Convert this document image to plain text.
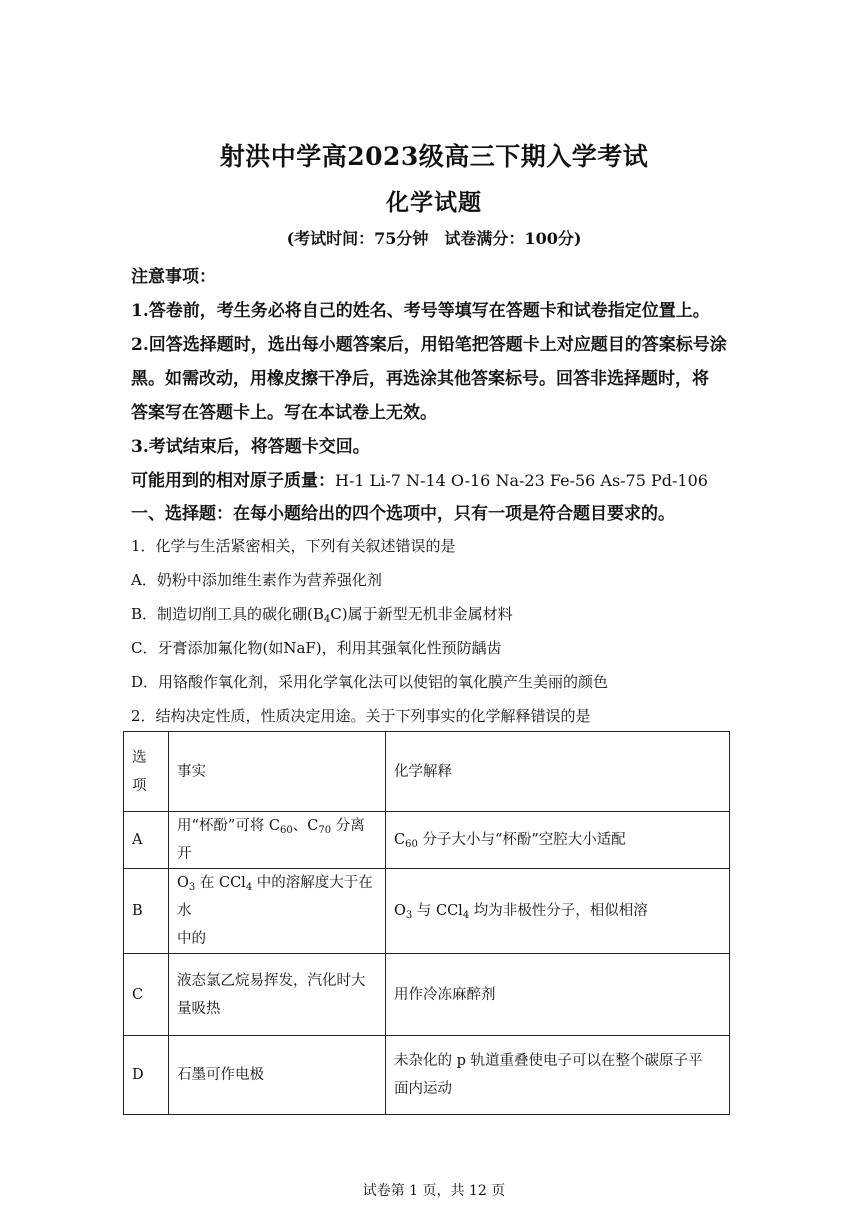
射洪中学高2023级高三下期入学考试
化学试题
(考试时间：75分钟　试卷满分：100分)
注意事项：
1.答卷前，考生务必将自己的姓名、考号等填写在答题卡和试卷指定位置上。
2.回答选择题时，选出每小题答案后，用铅笔把答题卡上对应题目的答案标号涂
黑。如需改动，用橡皮擦干净后，再选涂其他答案标号。回答非选择题时，将
答案写在答题卡上。写在本试卷上无效。
3.考试结束后，将答题卡交回。
可能用到的相对原子质量：H-1 Li-7 N-14 O-16 Na-23 Fe-56 As-75 Pd-106
一、选择题：在每小题给出的四个选项中，只有一项是符合题目要求的。
1．化学与生活紧密相关，下列有关叙述错误的是
A．奶粉中添加维生素作为营养强化剂
B．制造切削工具的碳化硼$(B_4C)$属于新型无机非金属材料
C．牙膏添加氟化物(如NaF)，利用其强氧化性预防龋齿
D．用铬酸作氧化剂，采用化学氧化法可以使铝的氧化膜产生美丽的颜色
2．结构决定性质，性质决定用途。关于下列事实的化学解释错误的是
选
项	事实	化学解释
A	用“杯酚”可将 $C_{60}$、$C_{70}$ 分离开	$C_{60}$ 分子大小与“杯酚”空腔大小适配
B	$O_3$ 在 CCl$_4$ 中的溶解度大于在水
中的	$O_3$ 与 CCl$_4$ 均为非极性分子，相似相溶
C	液态氯乙烷易挥发，汽化时大
量吸热	用作冷冻麻醉剂
D	石墨可作电极	未杂化的 p 轨道重叠使电子可以在整个碳原子平
面内运动
试卷第 1 页，共 12 页
